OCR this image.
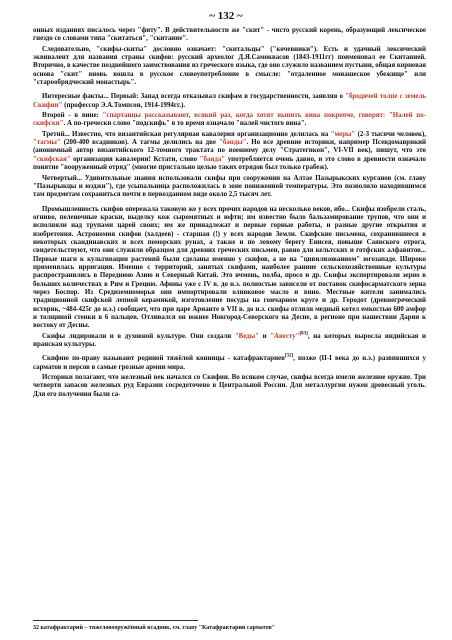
~ 132 ~

онных изданиях писалось через "фиту". В действительности же "скит" - чисто русский корень, образующий лексическое гнездо со словами типа "скитаться", "скитание".

Следовательно, "скифы-скиты" дословно означает: "скитальцы" ("кочевники"). Есть и удачный лексический эквивалент для названия страны скифов: русский археолог Д.Я.Самоквасов (1843-1911гг) поименовал ее Скитанией. Вторично, в качестве позднейшего заимствования из греческого языка, где оно служило названием пустыни, общая корневая основа "скит" вновь вошла в русское словоупотребление в смысле: "отдаленное монашеское убежище" или "старообрядческий монастырь".

Интересные факты... Первый: Запад всегда отказывал скифам в государственности, заявляя о "бродячей толпе с земель Скифии" (профессор Э.А.Томпсон, 1914-1994гг.).

Второй - в вине: "спартанцы рассказывают, всякий раз, когда хотят выпить вина покрепче, говорят: "Налей по-скифски". А по-гречески слово "подскифь" в то время означало "налей чистого вина".

Третий... Известно, что византийская регулярная кавалерия организационно делилась на "меры" (2-3 тысячи человек), "тагмы" (200-400 всадников). А тагмы делились на две "банды". Но все древние историки, например Псевдомаврикий (анонимный автор византийского 12-томного трактата по военному делу "Стратегикон", VI-VII век), пишут, что это "скифская" организация кавалерии! Кстати, слово "банда" употребляется очень давно, и это слово в древности означало понятие "вооруженный отряд" (многие пристально целью таких отрядов был только грабеж).

Четвертый... Удивительные знания использовали скифы при сооружении на Алтае Пазырыкских курганов (см. главу "Пазырыкцы и юэджи"), где усыпальница расположилась в зоне пониженной температуры. Это позволило находившимся там предметам сохраниться почти в первозданном виде около 2,5 тысяч лет.

Промышленность скифов опережала таковую же у всех прочих народов на несколько веков, ибо... Скифы изобрели сталь, огниво, пеленочные краски, выделку кож сыромятных и юфти; им известно было бальзамирование трупов, что они и исполняли над трупами царей своих; им же принадлежат и первые горные работы, и разные другие открытия и изобретения. Астрономия скифов (халдеев) - старшая (!) у всех народов Земли. Скифские письмена, сохранившиеся в некоторых скандинавских и всех поморских рунах, а также и по левому берегу Енисея, повыше Саянского отрога, свидетельствуют, что они служили образцом для древних греческих письмен, равно для кельтских и готфских алфавитов... Первые шаги к культивации растений были сделаны именно у скифов, а не на "цивилизованном" югозападе. Широко применялась ирригация. Именно с территорий, занятых скифами, наиболее ранние сельскохозяйственные культуры распространились в Переднюю Азию и Северный Китай. Это ячмень, полба, просо и др. Скифы экспортировали зерно в больших количествах в Рим и Грецию. Афины уже с IV в. до н.э. полностью зависели от поставок скифосарматского зерна через Боспор. Из Средиземноморья они импортировали оливковое масло и вино. Местные жители занимались традиционной скифской лепной керамикой, изготовление посуды на гончарном круге и др. Геродот (древнегреческий историк, ~484-425г до н.э.) сообщает, что при царе Арианте в VII в. до н.э. скифы отлили медный котел емкостью 600 амфор и толщиной стенки в 6 пальцев. Отливался он южнее Новгород-Северского на Десне, в регионе при нашествии Дария к востоку от Десны.

Скифы лидировали и в духовной культуре. Они создали "Веды" и "Авесту"[83], на которых выросла индийская и иранская культуры.

Скифию по-праву называют родиной тяжёлой конницы - катафрактариев[32], позже (II-I века до н.э.) развившихся у сарматов и персов в самые грозные армии мира.

Историки полагают, что железный век начался со Скифии. Во всяком случае, скифы всегда имели железное оружие. Три четверти запасов железных руд Евразии сосредоточено в Центральной России. Для металлургии нужен древесный уголь. Для его получения были са-

32 катафрактарий – тяжеловооружённый всадник, см. главу "Катафрактарии сарматов"
